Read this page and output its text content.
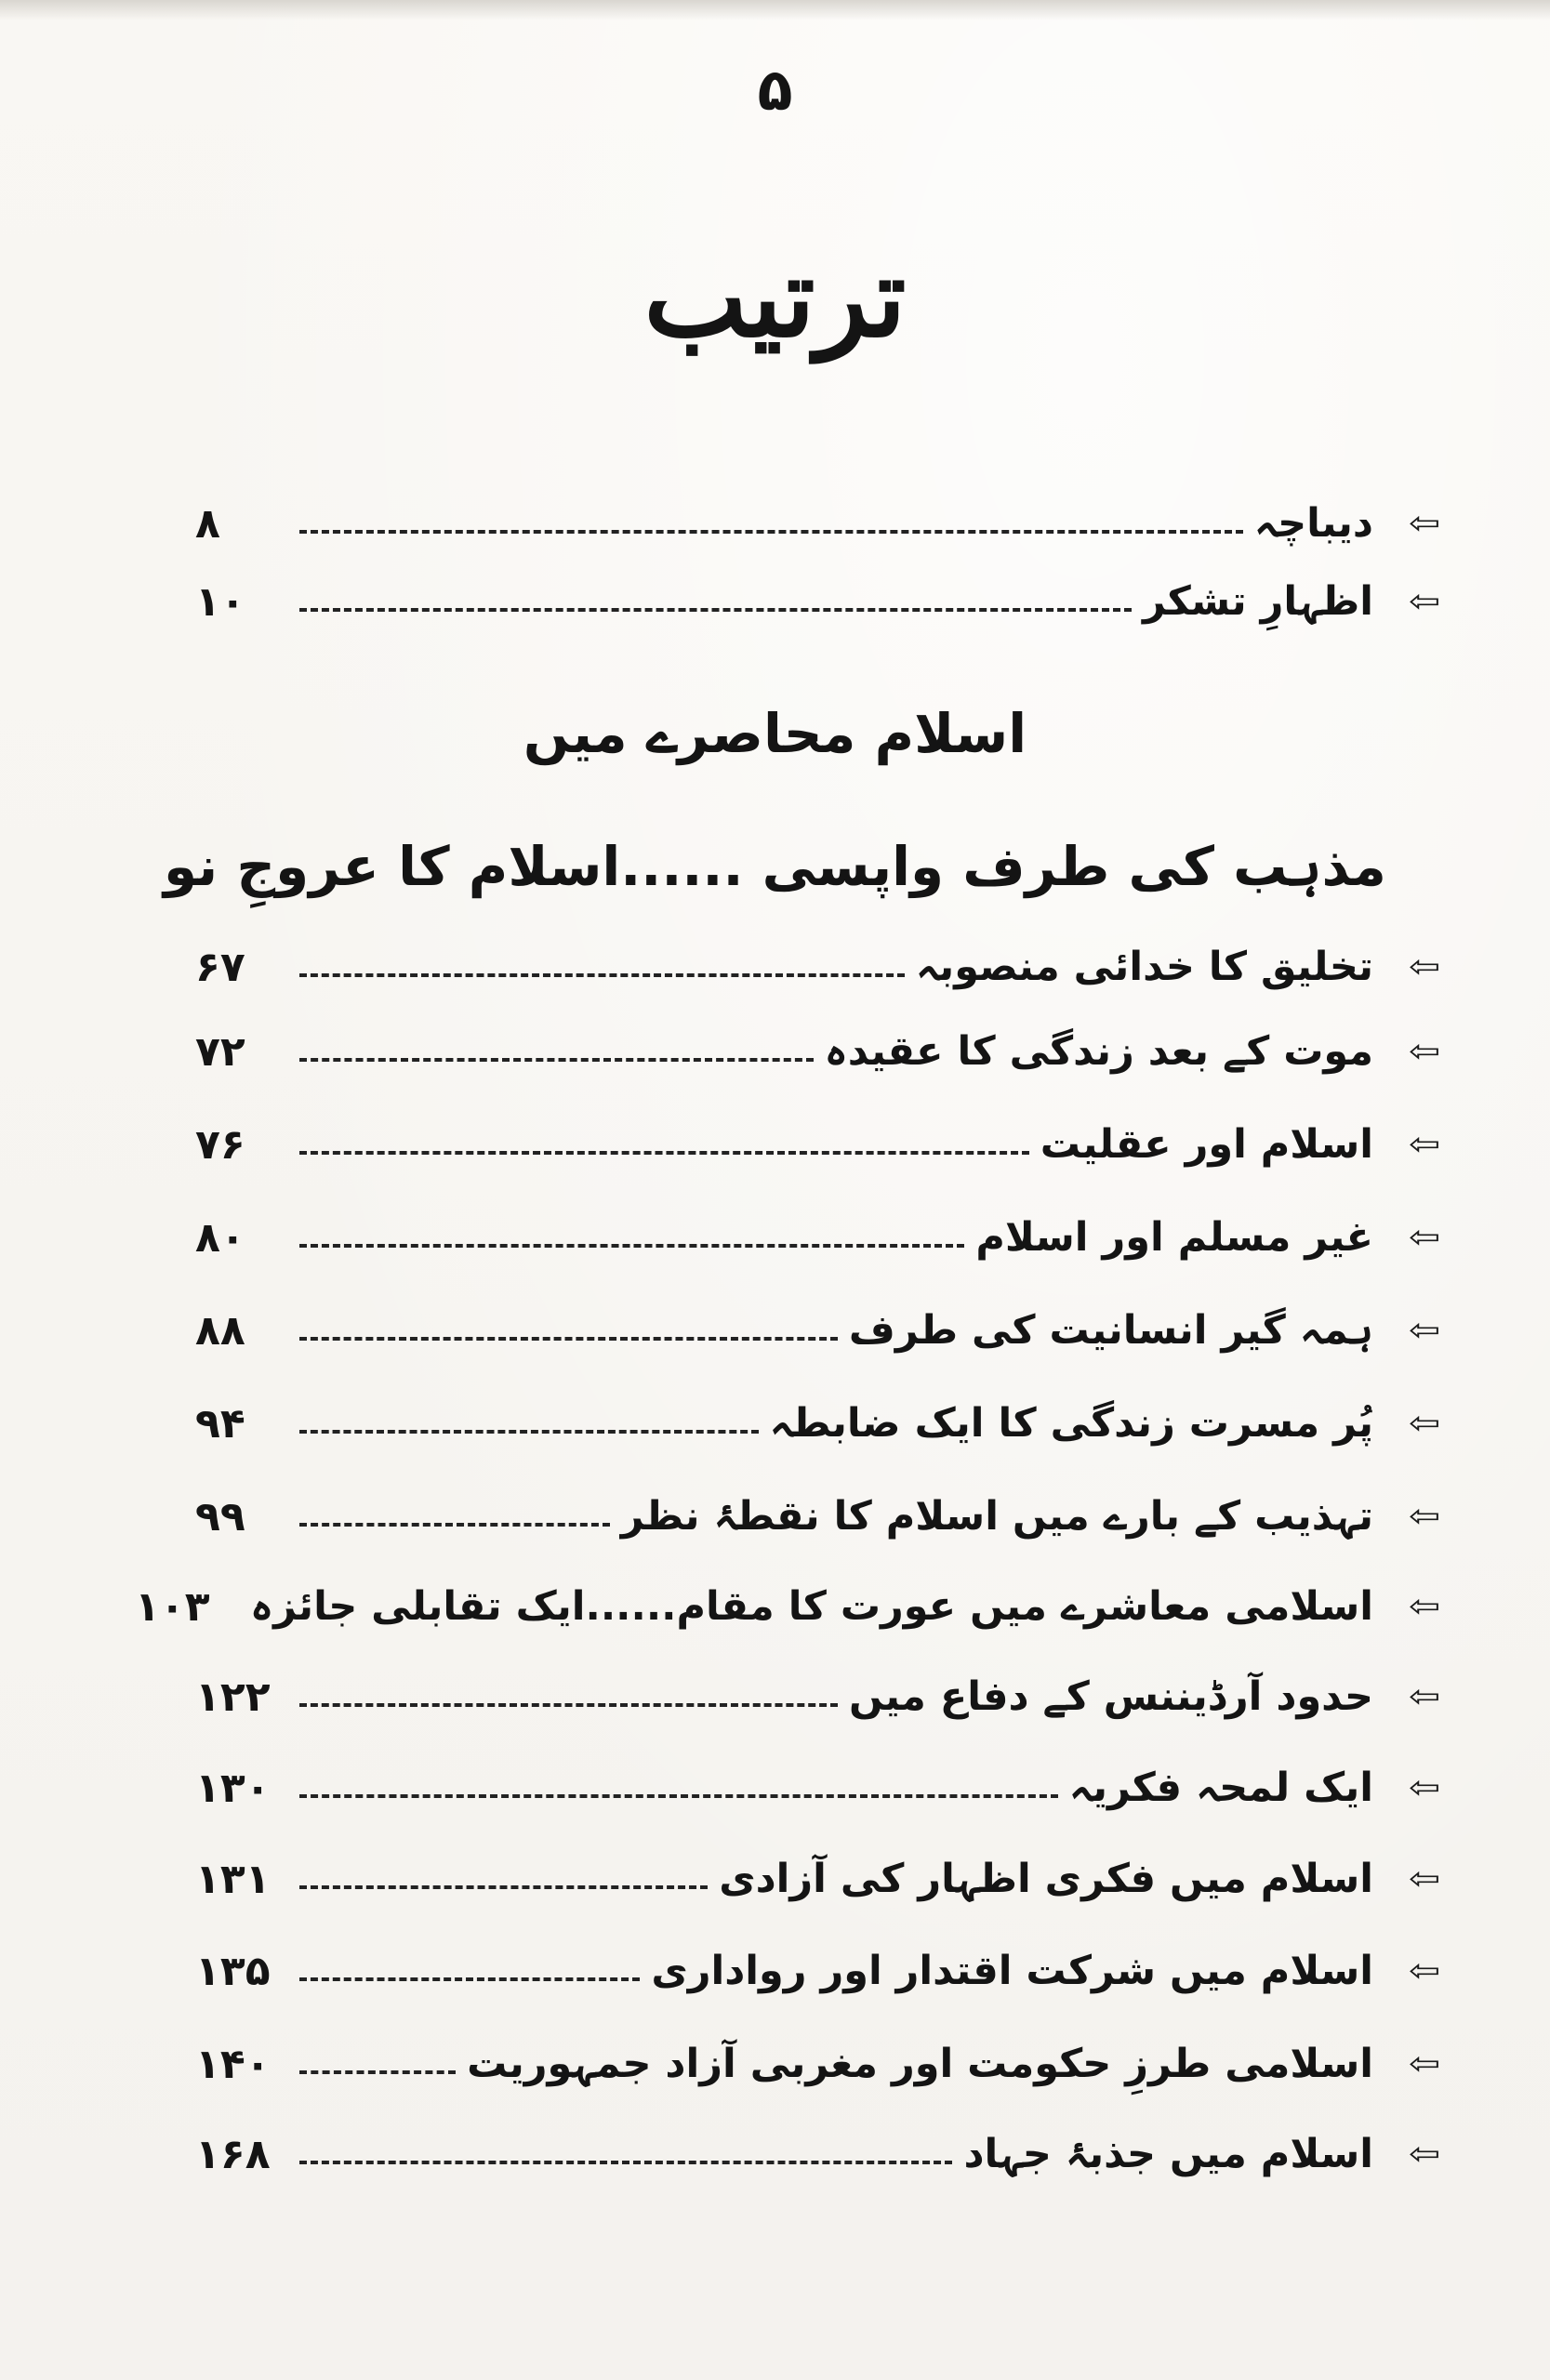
۵
ترتیب
⇦
دیباچہ
۸
⇦
اظہارِ تشکر
۱۰
اسلام محاصرے میں
مذہب کی طرف واپسی ......اسلام کا عروجِ نو
⇦
تخلیق کا خدائی منصوبہ
۶۷
⇦
موت کے بعد زندگی کا عقیدہ
۷۲
⇦
اسلام اور عقلیت
۷۶
⇦
غیر مسلم اور اسلام
۸۰
⇦
ہمہ گیر انسانیت کی طرف
۸۸
⇦
پُر مسرت زندگی کا ایک ضابطہ
۹۴
⇦
تہذیب کے بارے میں اسلام کا نقطۂ نظر
۹۹
⇦
اسلامی معاشرے میں عورت کا مقام......ایک تقابلی جائزہ
۱۰۳
⇦
حدود آرڈیننس کے دفاع میں
۱۲۲
⇦
ایک لمحہ فکریہ
۱۳۰
⇦
اسلام میں فکری اظہار کی آزادی
۱۳۱
⇦
اسلام میں شرکت اقتدار اور رواداری
۱۳۵
⇦
اسلامی طرزِ حکومت اور مغربی آزاد جمہوریت
۱۴۰
⇦
اسلام میں جذبۂ جہاد
۱۶۸
